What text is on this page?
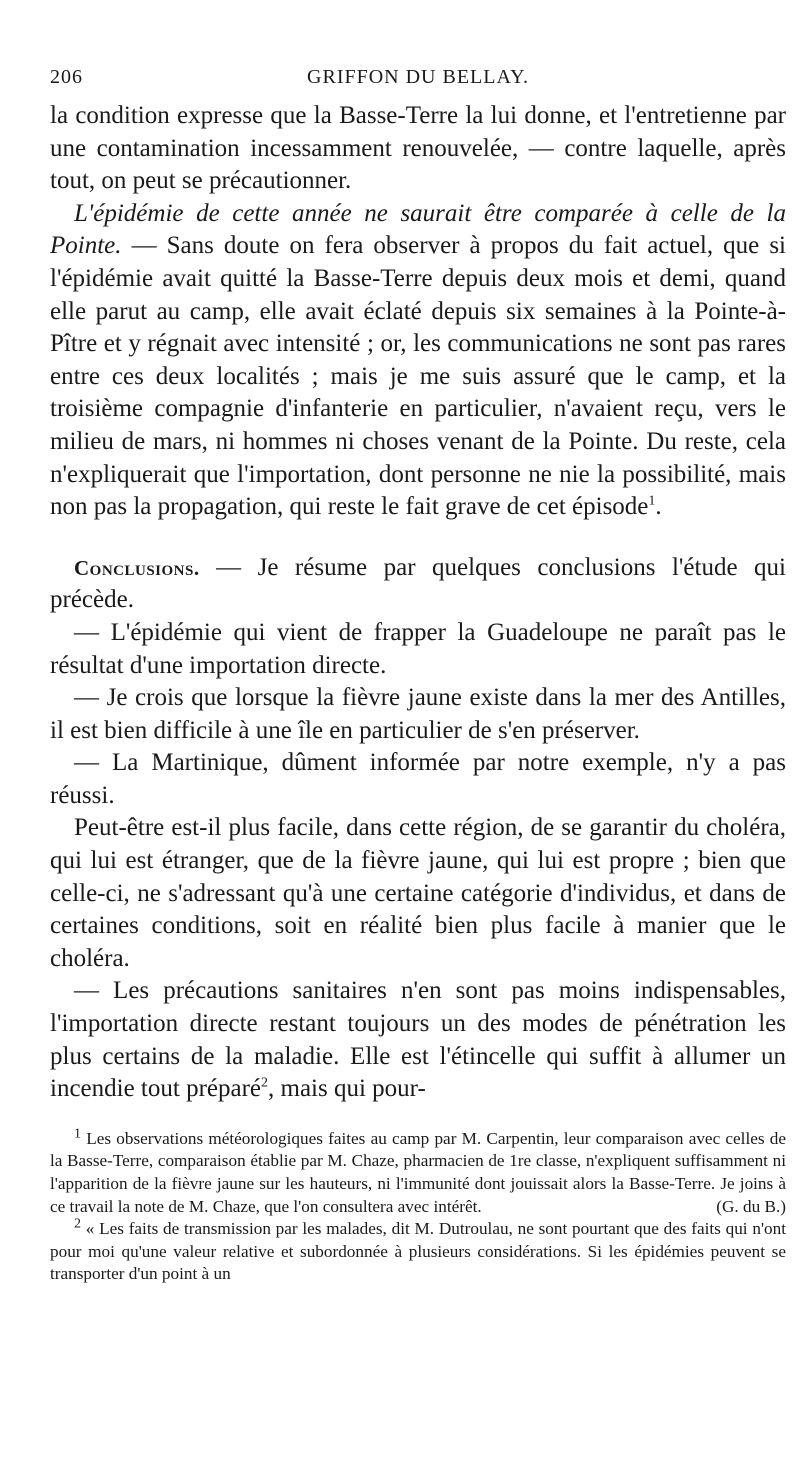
206	GRIFFON DU BELLAY.

la condition expresse que la Basse-Terre la lui donne, et l'entretienne par une contamination incessamment renouvelée, — contre laquelle, après tout, on peut se précautionner.

L'épidémie de cette année ne saurait être comparée à celle de la Pointe. — Sans doute on fera observer à propos du fait actuel, que si l'épidémie avait quitté la Basse-Terre depuis deux mois et demi, quand elle parut au camp, elle avait éclaté depuis six semaines à la Pointe-à-Pître et y régnait avec intensité ; or, les communications ne sont pas rares entre ces deux localités ; mais je me suis assuré que le camp, et la troisième compagnie d'infanterie en particulier, n'avaient reçu, vers le milieu de mars, ni hommes ni choses venant de la Pointe. Du reste, cela n'expliquerait que l'importation, dont personne ne nie la possibilité, mais non pas la propagation, qui reste le fait grave de cet épisode$^1$.

Conclusions. — Je résume par quelques conclusions l'étude qui précède.

— L'épidémie qui vient de frapper la Guadeloupe ne paraît pas le résultat d'une importation directe.

— Je crois que lorsque la fièvre jaune existe dans la mer des Antilles, il est bien difficile à une île en particulier de s'en préserver.

— La Martinique, dûment informée par notre exemple, n'y a pas réussi.

Peut-être est-il plus facile, dans cette région, de se garantir du choléra, qui lui est étranger, que de la fièvre jaune, qui lui est propre ; bien que celle-ci, ne s'adressant qu'à une certaine catégorie d'individus, et dans de certaines conditions, soit en réalité bien plus facile à manier que le choléra.

— Les précautions sanitaires n'en sont pas moins indispensables, l'importation directe restant toujours un des modes de pénétration les plus certains de la maladie. Elle est l'étincelle qui suffit à allumer un incendie tout préparé$^2$, mais qui pour-

$^1$ Les observations météorologiques faites au camp par M. Carpentin, leur comparaison avec celles de la Basse-Terre, comparaison établie par M. Chaze, pharmacien de 1re classe, n'expliquent suffisamment ni l'apparition de la fièvre jaune sur les hauteurs, ni l'immunité dont jouissait alors la Basse-Terre. Je joins à ce travail la note de M. Chaze, que l'on consultera avec intérêt.	(G. du B.)

$^2$ « Les faits de transmission par les malades, dit M. Dutroulau, ne sont pourtant que des faits qui n'ont pour moi qu'une valeur relative et subordonnée à plusieurs considérations. Si les épidémies peuvent se transporter d'un point à un
